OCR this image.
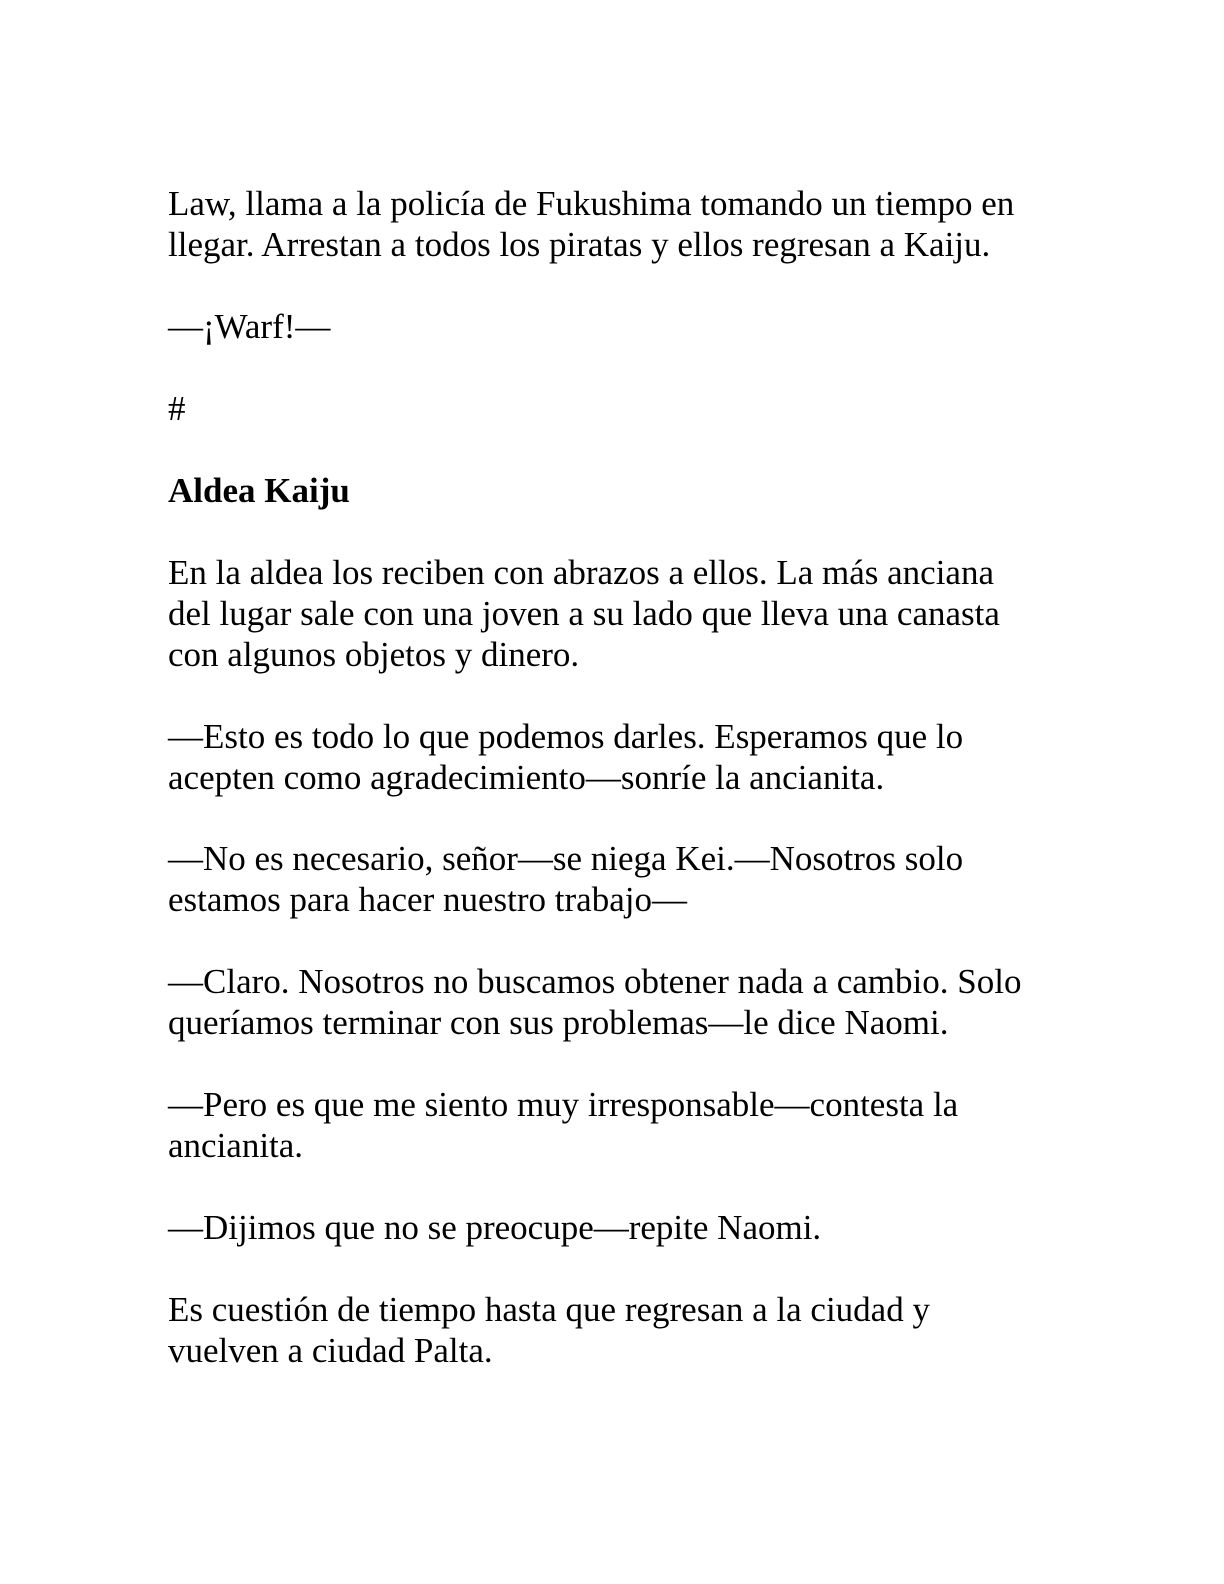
Law, llama a la policía de Fukushima tomando un tiempo en
llegar. Arrestan a todos los piratas y ellos regresan a Kaiju.

—¡Warf!—

#

Aldea Kaiju

En la aldea los reciben con abrazos a ellos. La más anciana
del lugar sale con una joven a su lado que lleva una canasta
con algunos objetos y dinero.

—Esto es todo lo que podemos darles. Esperamos que lo
acepten como agradecimiento—sonríe la ancianita.

—No es necesario, señor—se niega Kei.—Nosotros solo
estamos para hacer nuestro trabajo—

—Claro. Nosotros no buscamos obtener nada a cambio. Solo
queríamos terminar con sus problemas—le dice Naomi.

—Pero es que me siento muy irresponsable—contesta la
ancianita.

—Dijimos que no se preocupe—repite Naomi.

Es cuestión de tiempo hasta que regresan a la ciudad y
vuelven a ciudad Palta.
